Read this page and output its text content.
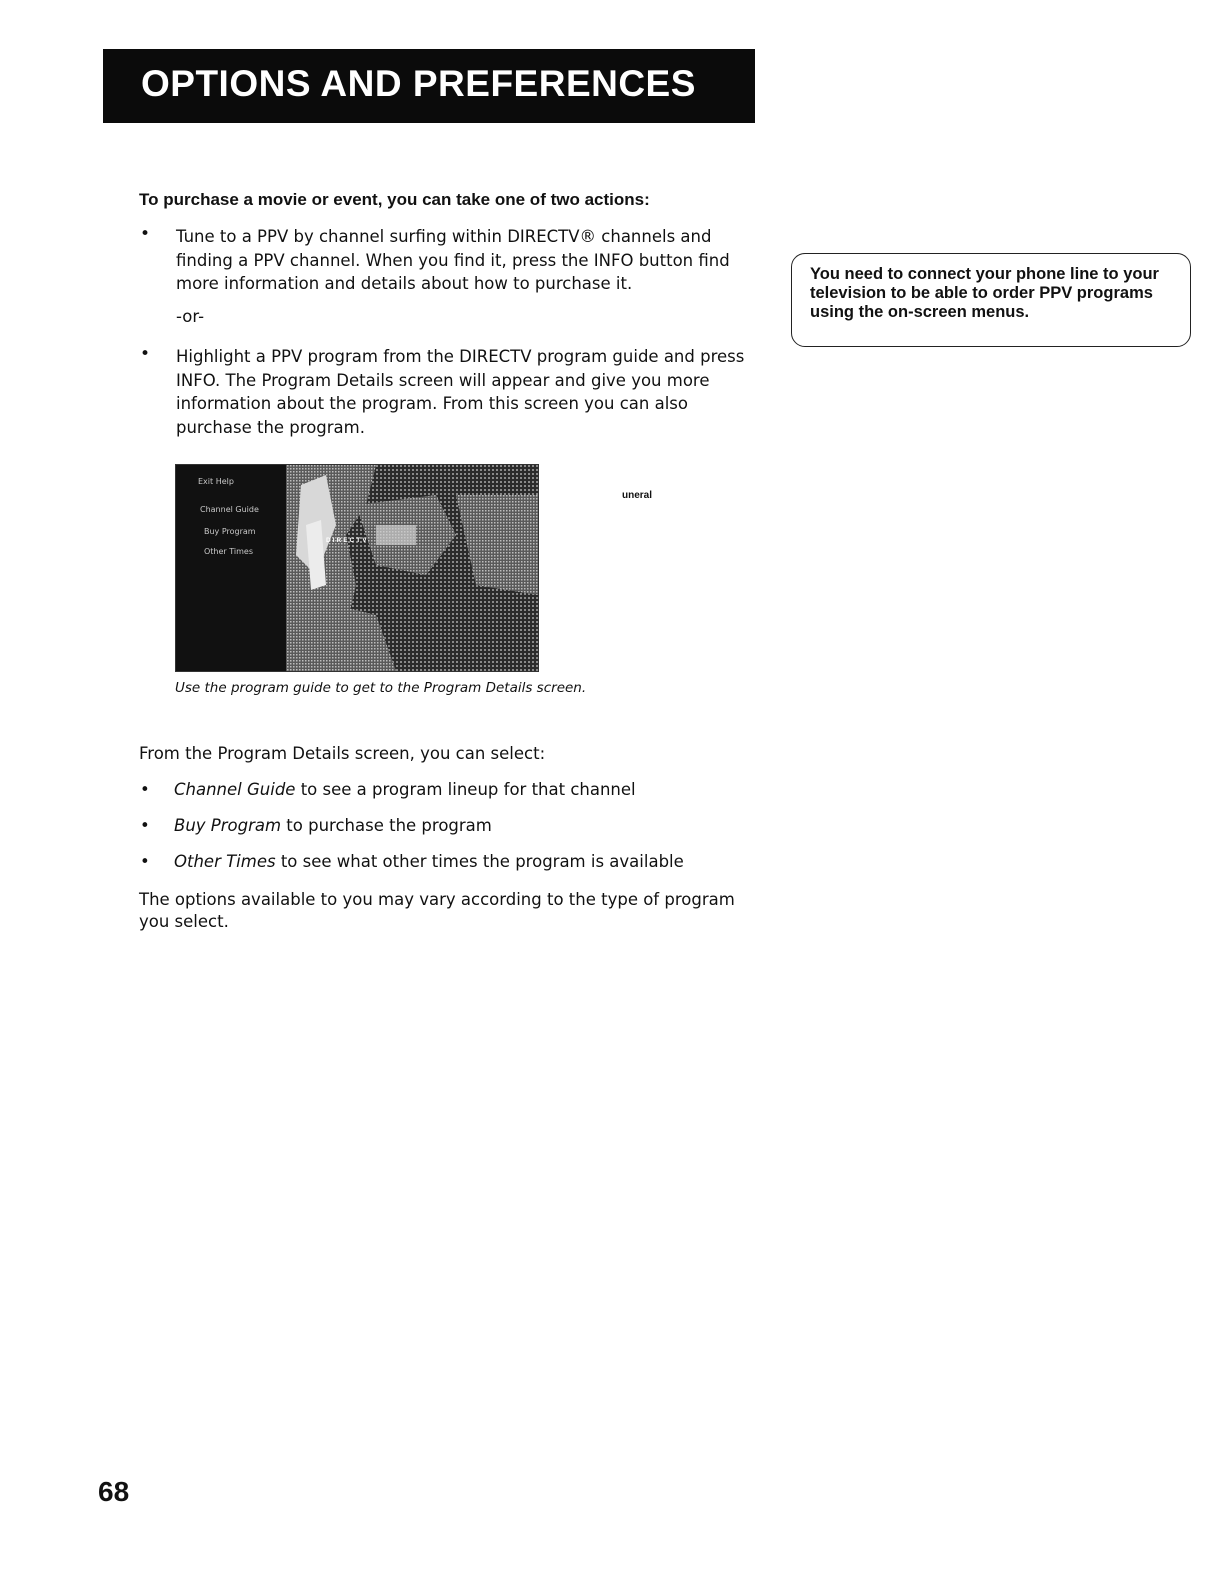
OPTIONS AND PREFERENCES
To purchase a movie or event, you can take one of two actions:
• Tune to a PPV by channel surfing within DIRECTV® channels and finding a PPV channel. When you find it, press the INFO button find more information and details about how to purchase it.
-or-
• Highlight a PPV program from the DIRECTV program guide and press INFO. The Program Details screen will appear and give you more information about the program. From this screen you can also purchase the program.
You need to connect your phone line to your television to be able to order PPV programs using the on-screen menus.
Exit Help
Channel Guide
Buy Program
Other Times
uneral
DIRECTV
Use the program guide to get to the Program Details screen.
From the Program Details screen, you can select:
• Channel Guide to see a program lineup for that channel
• Buy Program to purchase the program
• Other Times to see what other times the program is available
The options available to you may vary according to the type of program you select.
68
